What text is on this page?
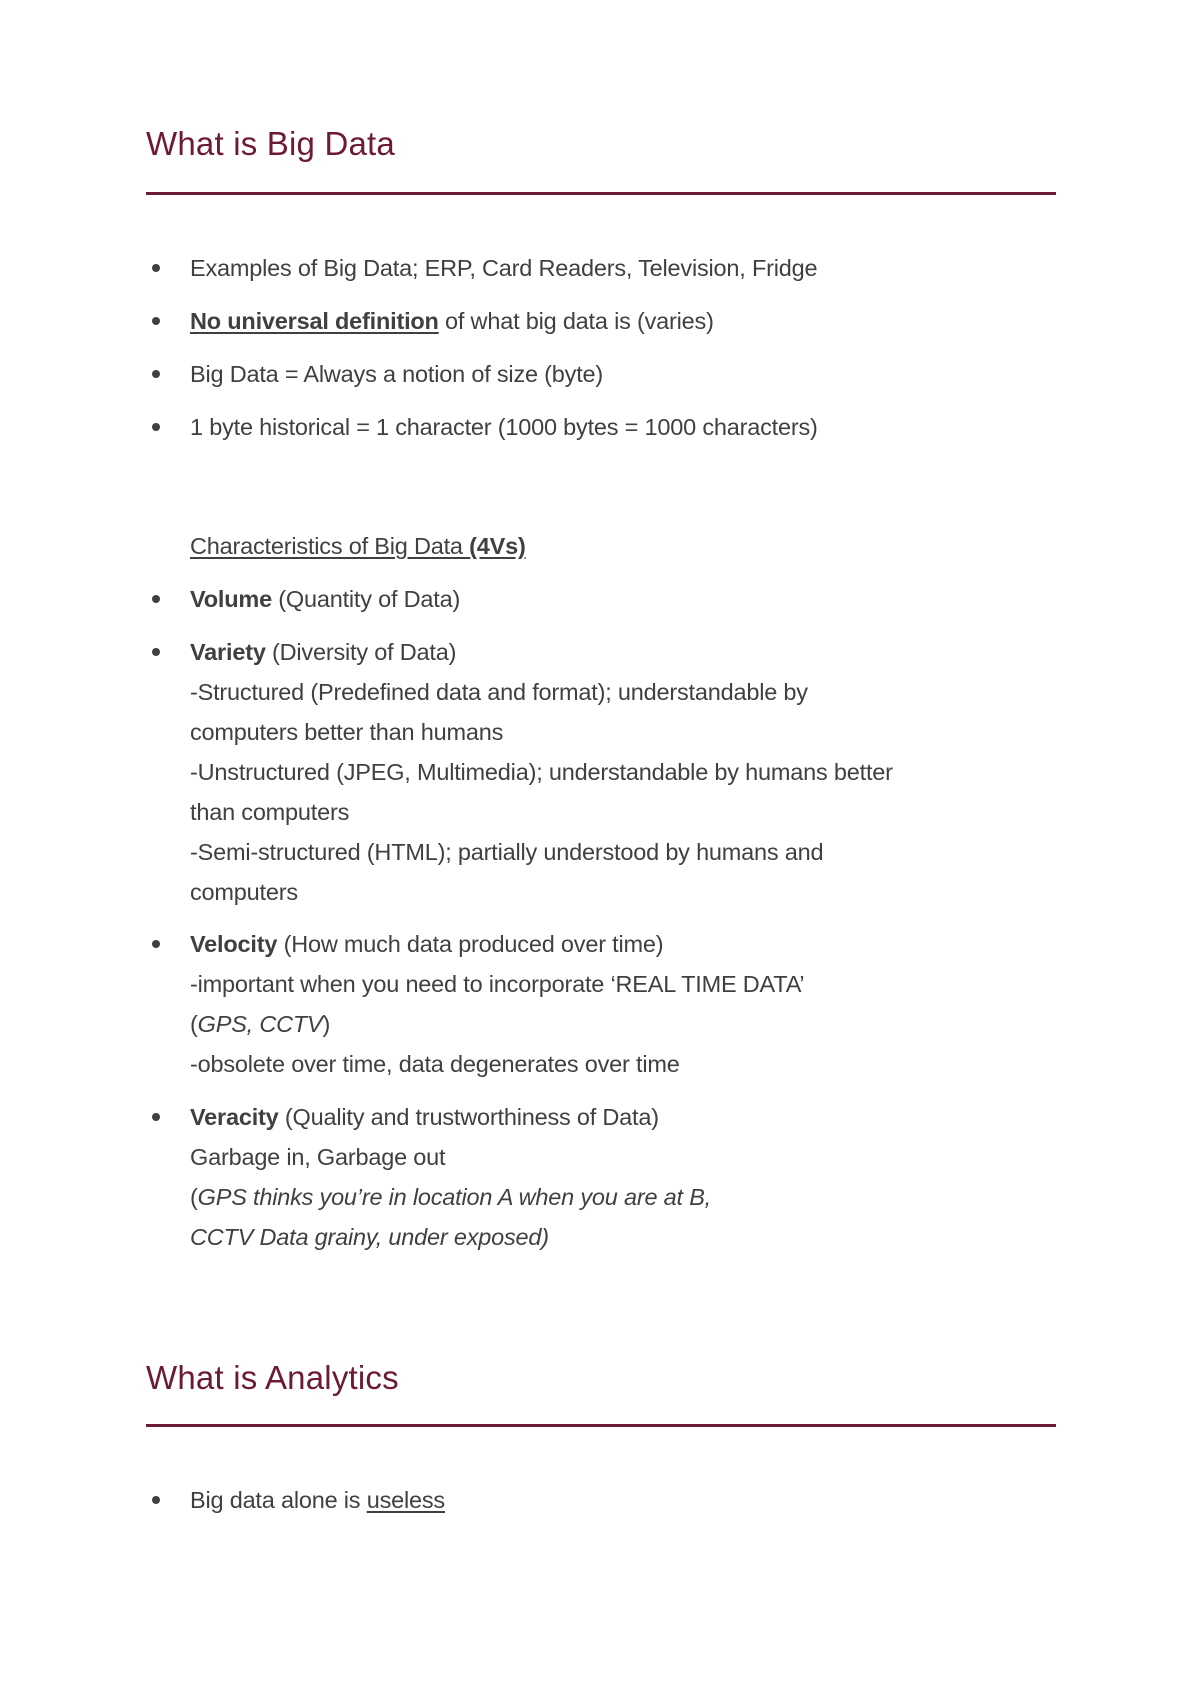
What is Big Data
Examples of Big Data; ERP, Card Readers, Television, Fridge
No universal definition of what big data is (varies)
Big Data = Always a notion of size (byte)
1 byte historical = 1 character (1000 bytes = 1000 characters)
Characteristics of Big Data (4Vs)
Volume (Quantity of Data)
Variety (Diversity of Data)
-Structured (Predefined data and format); understandable by
computers better than humans
-Unstructured (JPEG, Multimedia); understandable by humans better
than computers
-Semi-structured (HTML); partially understood by humans and
computers
Velocity (How much data produced over time)
-important when you need to incorporate ‘REAL TIME DATA’
(GPS, CCTV)
-obsolete over time, data degenerates over time
Veracity (Quality and trustworthiness of Data)
Garbage in, Garbage out
(GPS thinks you’re in location A when you are at B,
CCTV Data grainy, under exposed)
What is Analytics
Big data alone is useless
